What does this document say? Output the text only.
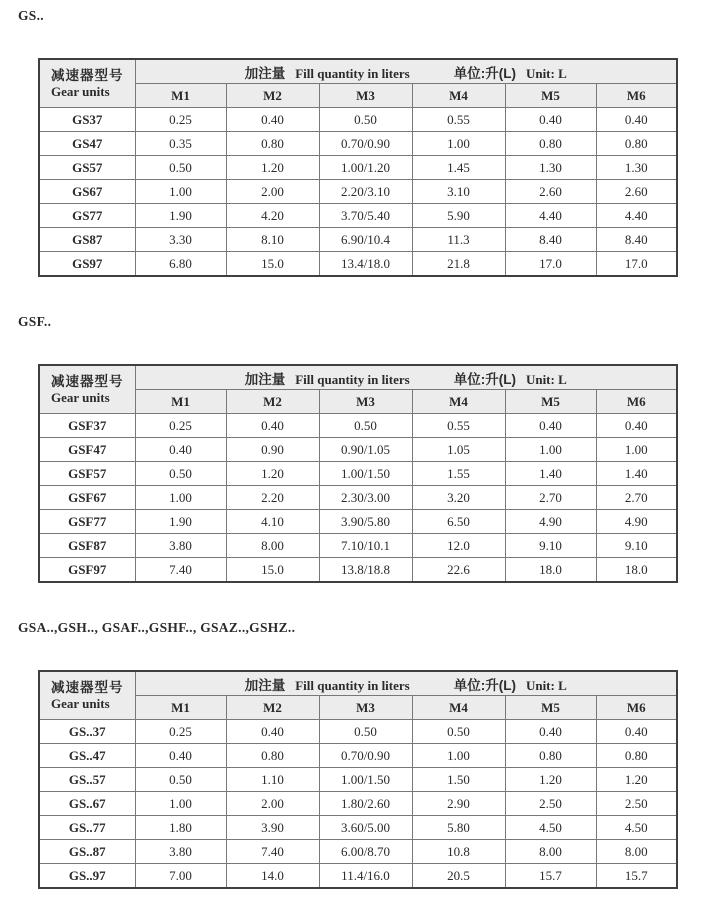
GS..
减速器型号
Gear units

加注量 Fill quantity in liters	单位:升(L) Unit: L

	M1	M2	M3	M4	M5	M6
GS37	0.25	0.40	0.50	0.55	0.40	0.40
GS47	0.35	0.80	0.70/0.90	1.00	0.80	0.80
GS57	0.50	1.20	1.00/1.20	1.45	1.30	1.30
GS67	1.00	2.00	2.20/3.10	3.10	2.60	2.60
GS77	1.90	4.20	3.70/5.40	5.90	4.40	4.40
GS87	3.30	8.10	6.90/10.4	11.3	8.40	8.40
GS97	6.80	15.0	13.4/18.0	21.8	17.0	17.0
GSF..
减速器型号
Gear units

加注量 Fill quantity in liters	单位:升(L) Unit: L

	M1	M2	M3	M4	M5	M6
GSF37	0.25	0.40	0.50	0.55	0.40	0.40
GSF47	0.40	0.90	0.90/1.05	1.05	1.00	1.00
GSF57	0.50	1.20	1.00/1.50	1.55	1.40	1.40
GSF67	1.00	2.20	2.30/3.00	3.20	2.70	2.70
GSF77	1.90	4.10	3.90/5.80	6.50	4.90	4.90
GSF87	3.80	8.00	7.10/10.1	12.0	9.10	9.10
GSF97	7.40	15.0	13.8/18.8	22.6	18.0	18.0
GSA..,GSH.., GSAF..,GSHF.., GSAZ..,GSHZ..
减速器型号
Gear units

加注量 Fill quantity in liters	单位:升(L) Unit: L

	M1	M2	M3	M4	M5	M6
GS..37	0.25	0.40	0.50	0.50	0.40	0.40
GS..47	0.40	0.80	0.70/0.90	1.00	0.80	0.80
GS..57	0.50	1.10	1.00/1.50	1.50	1.20	1.20
GS..67	1.00	2.00	1.80/2.60	2.90	2.50	2.50
GS..77	1.80	3.90	3.60/5.00	5.80	4.50	4.50
GS..87	3.80	7.40	6.00/8.70	10.8	8.00	8.00
GS..97	7.00	14.0	11.4/16.0	20.5	15.7	15.7
